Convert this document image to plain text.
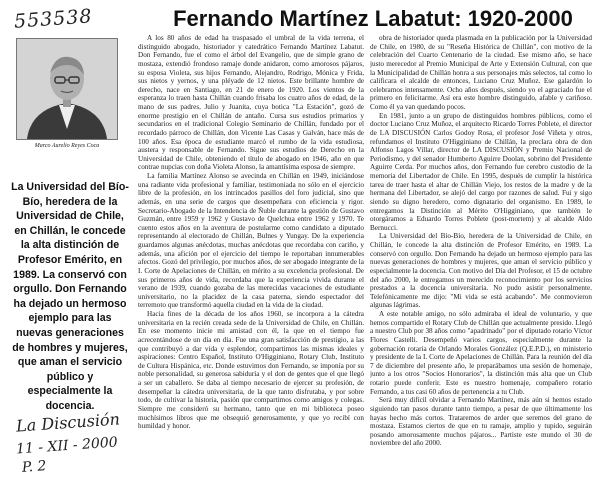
553538	Fernando Martínez Labatut: 1920-2000
Marco Aurelio Reyes Coca
La Universidad del Bío-Bío, heredera de la Universidad de Chile, en Chillán, le concede la alta distinción de Profesor Emérito, en 1989. La conservó con orgullo. Don Fernando ha dejado un hermoso ejemplo para las nuevas generaciones de hombres y mujeres, que aman el servicio público y especialmente la docencia.
La Discusión
11 - XII - 2000
P. 2

A los 80 años de edad ha traspasado el umbral de la vida terrena, el distinguido abogado, historiador y catedrático Fernando Martínez Labatut. Don Fernando, fue el como el árbol del Evangelio, que de simple grano de mostaza, extendió frondoso ramaje donde anidaron, como amorosos pájaros, su esposa Violeta, sus hijos Fernando, Alejandro, Rodrigo, Mónica y Frida, sus nietos y yernos, y una pléyade de 12 nietos. Este brillante hombre de derecho, nace en Santiago, en 21 de enero de 1920. Los vientos de la esperanza lo traen hasta Chillán cuando frisaba los cuatro años de edad, de la mano de sus padres, Julio y Juanita, cuya botica "La Estación", gozó de enorme prestigio en el Chillán de antaño. Cursa sus estudios primarios y secundarios en el tradicional Colegio Seminario de Chillán, fundado por el recordado párroco de Chillán, don Vicente Las Casas y Galván, hace más de 100 años. Esa época de estudiante marcó el rumbo de la vida estudiosa, austera y responsable de Fernando. Sigue sus estudios de Derecho en la Universidad de Chile, obteniendo el título de abogado en 1946, año en que contrae nupcias con doña Violeta Alonso, la amantísima esposa de siempre.

La familia Martínez Alonso se avecinda en Chillán en 1949, iniciándose una radiante vida profesional y familiar, testimoniada no sólo en el ejercicio libre de la profesión, en los intrincados pasillos del foro judicial, sino que además, en una serie de cargos que desempeñara con eficiencia y rigor. Secretario-Abogado de la Intendencia de Ñuble durante la gestión de Gustavo Guzmán, entre 1959 y 1962 y Gustavo de Quelchua entre 1962 y 1970. Te cuento estos años en la aventura de postularme como candidato a diputado representando al electorado de Chillán, Bulnes y Yungay. De la experiencia guardamos algunas anécdotas, muchas anécdotas que recordaba con cariño, y además, una afición por el ejercicio del tiempo le reportaban innumerables afectos. Gozó del privilegio, por muchos años, de ser abogado integrante de la I. Corte de Apelaciones de Chillán, en mérito a su excelencia profesional. De sus primeros años de vida, recordaba que la experiencia vivida durante el verano de 1939, cuando gozaba de las merecidas vacaciones de estudiante universitario, no la placidez de la casa paterna, siendo espectador del terremoto que transformó aquella ciudad en la vida de la ciudad.

Hacia fines de la década de los años 1960, se incorpora a la cátedra universitaria en la recién creada sede de la Universidad de Chile, en Chillán. En ese momento inicie mi amistad con él, la que en el tiempo fue acrecentándose de un día en día. Fue una gran satisfacción de prestigio, a las que contribuyó a dar vida y esplendor, compartimos las mismas ideales y aspiraciones: Centro Español, Instituto O'Higginiano, Rotary Club, Instituto de Cultura Hispánica, etc. Donde estuvimos don Fernando, se imponía por su noble personalidad, su generosa sabiduría y el don de gentes que el que llegó a ser un caballero. Se daba al tiempo necesario de ejercer su profesión, de desempeñar la cátedra universitaria, de la que tanto disfrutaba, y por sobre todo, de cultivar la historia, pasión que compartimos como amigos y colegas. Siempre me consideró su hermano, tanto que en mi biblioteca poseo muchísimos libros que me obsequió generosamente, y que yo recibí con humildad y honor.

obra de historiador queda plasmada en la publicación por la Universidad de Chile, en 1980, de su "Reseña Histórica de Chillán", con motivo de la celebración del Cuarto Centenario de la ciudad. Ese mismo año, se hace justo merecedor al Premio Municipal de Arte y Extensión Cultural, con que la Municipalidad de Chillán honra a sus personajes más selectos, tal como lo calificara el alcalde de entonces, Luciano Cruz Muñoz. Ese galardón lo celebramos intensamente. Ocho años después, siendo yo el agraciado fue el primero en felicitarme. Así era este hombre distinguido, afable y cariñoso. Como él ya van quedando pocos.

En 1981, junto a un grupo de distinguidos hombres públicos, como el doctor Luciano Cruz Muñoz, el arquitecto Ricardo Torres Poblete, el director de LA DISCUSIÓN Carlos Godoy Rosa, el profesor José Viñeta y otros, refundamos el Instituto O'Higginiano de Chillán, la preclara obra de don Alfonso Lagos Villar, director de LA DISCUSIÓN y Premio Nacional de Periodismo, y del senador Humberto Aguirre Doolan, sobrino del Presidente Aguirre Cerda. Por muchos años, don Fernando fue cerebro custodio de la memoria del Libertador de Chile. En 1995, después de cumplir la histórica tarea de traer hasta el altar de Chillán Viejo, los restos de la madre y de la hermana del Libertador, se alejó del cargo por razones de salud. Fui y sigo siendo su digno heredero, como dignatario del organismo. En 1989, le entregamos la Distinción al Mérito O'Higginiano, que también le otorgáramos a Eduardo Torres Poblete (post-mortem) y al alcalde Aldo Bernucci.

La Universidad del Bío-Bío, heredera de la Universidad de Chile, en Chillán, le concede la alta distinción de Profesor Emérito, en 1989. La conservó con orgullo. Don Fernando ha dejado un hermoso ejemplo para las nuevas generaciones de hombres y mujeres, que aman el servicio público y especialmente la docencia. Con motivo del Día del Profesor, el 15 de octubre del año 2000, le entregamos un merecido reconocimiento por los servicios prestados a la docencia universitaria. No pudo asistir personalmente. Telefónicamente me dijo: "Mi vida se está acabando". Me conmovieron algunas lágrimas.

A este notable amigo, no sólo admiraba el ideal de voluntario, y que hemos compartido el Rotary Club de Chillán que actualmente presido. Llegó a nuestro Club por 38 años como "apadrinado" por el diputado rotario Víctor Flores Castelli. Desempeñó varios cargos, especialmente durante la gobernación rotaria de Orlando Morales González (Q.E.P.D.), en ministerio y presidente de la I. Corte de Apelaciones de Chillán. Para la reunión del día 7 de diciembre del presente año, le preparábamos una sesión de homenaje, junto a los otros "Socios Honorarios", la distinción más alta que un Club rotario puede conferir. Este es nuestro homenaje, compañero rotario Fernando, a tus casi 60 años de pertenencia a tu Club.

Será muy difícil olvidar a Fernando Martínez, más aún si hemos estado siguiendo tan pasos durante tanto tiempo, a pesar de que últimamente los hayas hecho más cortos. Trataremos de arder que seremos del grano de mostaza. Estamos ciertos de que en tu ramaje, amplio y tupido, seguirán posando amorosamente muchos pájaros... Partiste este mundo el 30 de noviembre del año 2000.
